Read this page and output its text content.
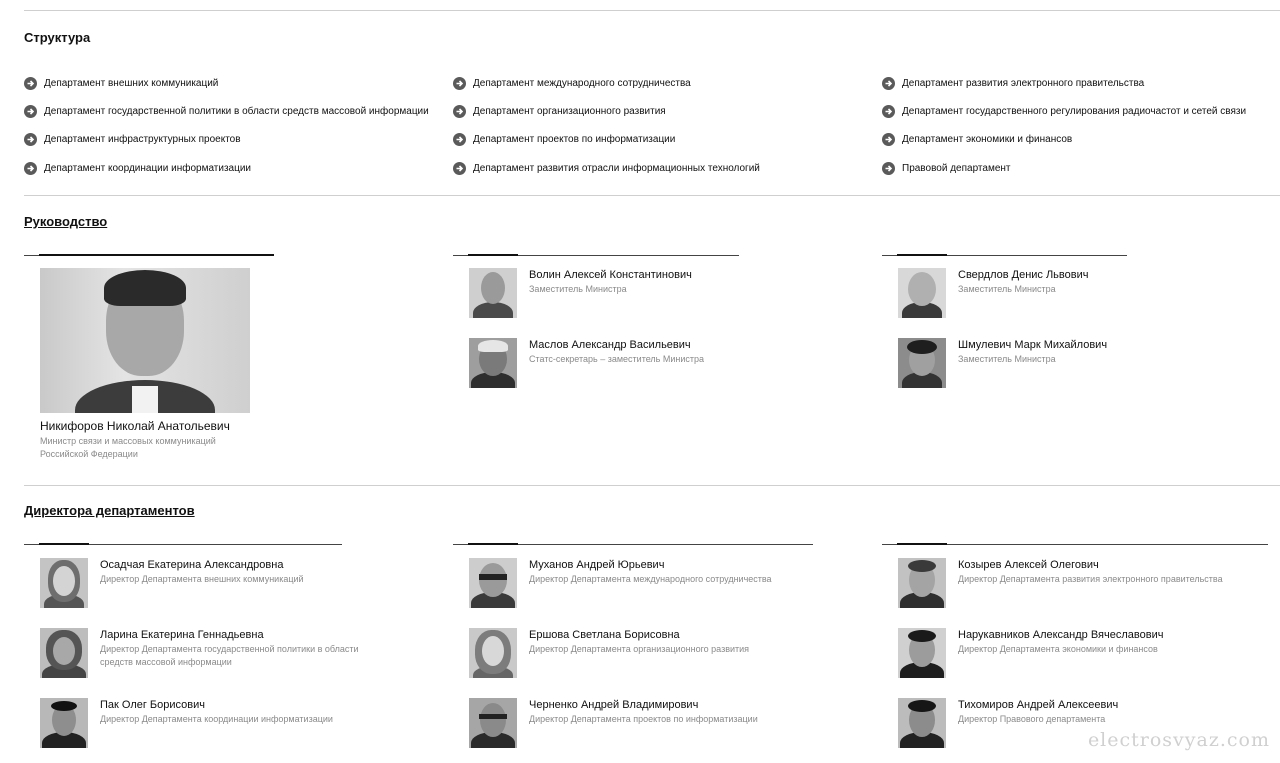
Структура
Департамент внешних коммуникаций
Департамент государственной политики в области средств массовой информации
Департамент инфраструктурных проектов
Департамент координации информатизации
Департамент международного сотрудничества
Департамент организационного развития
Департамент проектов по информатизации
Департамент развития отрасли информационных технологий
Департамент развития электронного правительства
Департамент государственного регулирования радиочастот и сетей связи
Департамент экономики и финансов
Правовой департамент
Руководство
Никифоров Николай Анатольевич
Министр связи и массовых коммуникаций Российской Федерации
Волин Алексей Константинович
Заместитель Министра
Маслов Александр Васильевич
Статс-секретарь – заместитель Министра
Свердлов Денис Львович
Заместитель Министра
Шмулевич Марк Михайлович
Заместитель Министра
Директора департаментов
Осадчая Екатерина Александровна
Директор Департамента внешних коммуникаций
Ларина Екатерина Геннадьевна
Директор Департамента государственной политики в области средств массовой информации
Пак Олег Борисович
Директор Департамента координации информатизации
Муханов Андрей Юрьевич
Директор Департамента международного сотрудничества
Ершова Светлана Борисовна
Директор Департамента организационного развития
Черненко Андрей Владимирович
Директор Департамента проектов по информатизации
Козырев Алексей Олегович
Директор Департамента развития электронного правительства
Нарукавников Александр Вячеславович
Директор Департамента экономики и финансов
Тихомиров Андрей Алексеевич
Директор Правового департамента
electrosvyaz.com
